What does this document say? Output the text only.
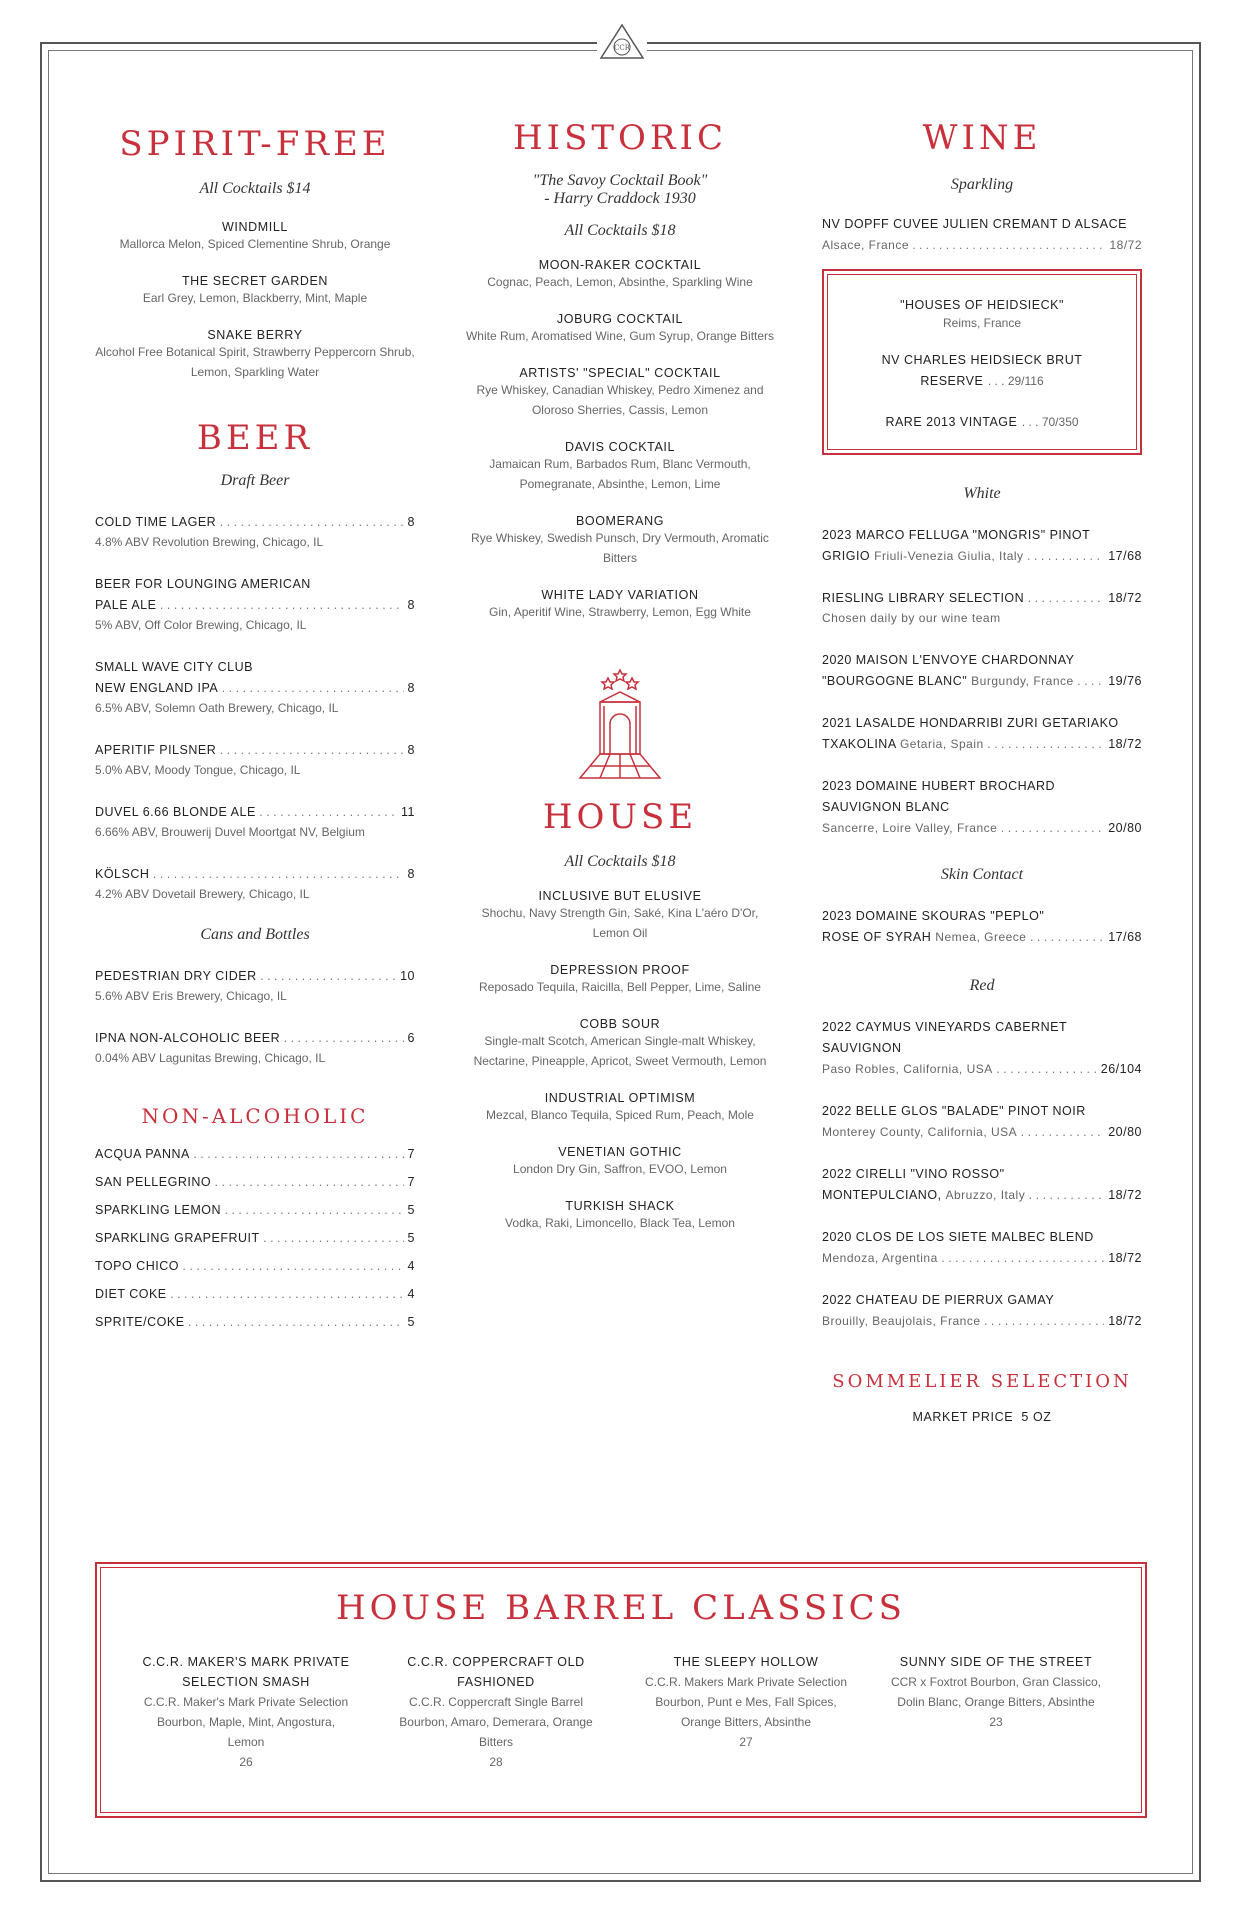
CCR
SPIRIT-FREE
All Cocktails $14
WINDMILL
Mallorca Melon, Spiced Clementine Shrub, Orange
THE SECRET GARDEN
Earl Grey, Lemon, Blackberry, Mint, Maple
SNAKE BERRY
Alcohol Free Botanical Spirit, Strawberry Peppercorn Shrub, Lemon, Sparkling Water
BEER
Draft Beer
COLD TIME LAGER . . .	8
4.8% ABV Revolution Brewing, Chicago, IL
BEER FOR LOUNGING AMERICAN
PALE ALE . . .	8
5% ABV, Off Color Brewing, Chicago, IL
SMALL WAVE CITY CLUB
NEW ENGLAND IPA . . .	8
6.5% ABV, Solemn Oath Brewery, Chicago, IL
APERITIF PILSNER . . .	8
5.0% ABV, Moody Tongue, Chicago, IL
DUVEL 6.66 BLONDE ALE . . .	11
6.66% ABV, Brouwerij Duvel Moortgat NV, Belgium
KÖLSCH . . .	8
4.2% ABV Dovetail Brewery, Chicago, IL
Cans and Bottles
PEDESTRIAN DRY CIDER . . .	10
5.6% ABV Eris Brewery, Chicago, IL
IPNA NON-ALCOHOLIC BEER . . .	6
0.04% ABV Lagunitas Brewing, Chicago, IL
NON-ALCOHOLIC
ACQUA PANNA . . .	7
SAN PELLEGRINO . . .	7
SPARKLING LEMON . . .	5
SPARKLING GRAPEFRUIT . . .	5
TOPO CHICO . . .	4
DIET COKE . . .	4
SPRITE/COKE . . .	5
HISTORIC
"The Savoy Cocktail Book"
- Harry Craddock 1930
All Cocktails $18
MOON-RAKER COCKTAIL
Cognac, Peach, Lemon, Absinthe, Sparkling Wine
JOBURG COCKTAIL
White Rum, Aromatised Wine, Gum Syrup, Orange Bitters
ARTISTS' "SPECIAL" COCKTAIL
Rye Whiskey, Canadian Whiskey, Pedro Ximenez and Oloroso Sherries, Cassis, Lemon
DAVIS COCKTAIL
Jamaican Rum, Barbados Rum, Blanc Vermouth, Pomegranate, Absinthe, Lemon, Lime
BOOMERANG
Rye Whiskey, Swedish Punsch, Dry Vermouth, Aromatic Bitters
WHITE LADY VARIATION
Gin, Aperitif Wine, Strawberry, Lemon, Egg White
HOUSE
All Cocktails $18
INCLUSIVE BUT ELUSIVE
Shochu, Navy Strength Gin, Saké, Kina L'aéro D'Or, Lemon Oil
DEPRESSION PROOF
Reposado Tequila, Raicilla, Bell Pepper, Lime, Saline
COBB SOUR
Single-malt Scotch, American Single-malt Whiskey, Nectarine, Pineapple, Apricot, Sweet Vermouth, Lemon
INDUSTRIAL OPTIMISM
Mezcal, Blanco Tequila, Spiced Rum, Peach, Mole
VENETIAN GOTHIC
London Dry Gin, Saffron, EVOO, Lemon
TURKISH SHACK
Vodka, Raki, Limoncello, Black Tea, Lemon
WINE
Sparkling
NV DOPFF CUVEE JULIEN CREMANT D ALSACE
Alsace, France . . .	18/72
"HOUSES OF HEIDSIECK"
Reims, France
NV CHARLES HEIDSIECK BRUT
RESERVE . . . 29/116
RARE 2013 VINTAGE . . . 70/350
White
2023 MARCO FELLUGA "MONGRIS" PINOT
GRIGIO Friuli-Venezia Giulia, Italy . . .	17/68
RIESLING LIBRARY SELECTION . . .	18/72
Chosen daily by our wine team
2020 MAISON L'ENVOYE CHARDONNAY
"BOURGOGNE BLANC" Burgundy, France . . .	19/76
2021 LASALDE HONDARRIBI ZURI GETARIAKO
TXAKOLINA Getaria, Spain . . .	18/72
2023 DOMAINE HUBERT BROCHARD
SAUVIGNON BLANC
Sancerre, Loire Valley, France . . .	20/80
Skin Contact
2023 DOMAINE SKOURAS "PEPLO"
ROSE OF SYRAH Nemea, Greece . . .	17/68
Red
2022 CAYMUS VINEYARDS CABERNET
SAUVIGNON
Paso Robles, California, USA . . .	26/104
2022 BELLE GLOS "BALADE" PINOT NOIR
Monterey County, California, USA . . .	20/80
2022 CIRELLI "VINO ROSSO"
MONTEPULCIANO, Abruzzo, Italy . . .	18/72
2020 CLOS DE LOS SIETE MALBEC BLEND
Mendoza, Argentina . . .	18/72
2022 CHATEAU DE PIERRUX GAMAY
Brouilly, Beaujolais, France . . .	18/72
SOMMELIER SELECTION
MARKET PRICE  5 OZ
HOUSE BARREL CLASSICS
C.C.R. MAKER'S MARK PRIVATE SELECTION SMASH
C.C.R. Maker's Mark Private Selection Bourbon, Maple, Mint, Angostura, Lemon
26
C.C.R. COPPERCRAFT OLD FASHIONED
C.C.R. Coppercraft Single Barrel Bourbon, Amaro, Demerara, Orange Bitters
28
THE SLEEPY HOLLOW
C.C.R. Makers Mark Private Selection Bourbon, Punt e Mes, Fall Spices, Orange Bitters, Absinthe
27
SUNNY SIDE OF THE STREET
CCR x Foxtrot Bourbon, Gran Classico, Dolin Blanc, Orange Bitters, Absinthe
23
